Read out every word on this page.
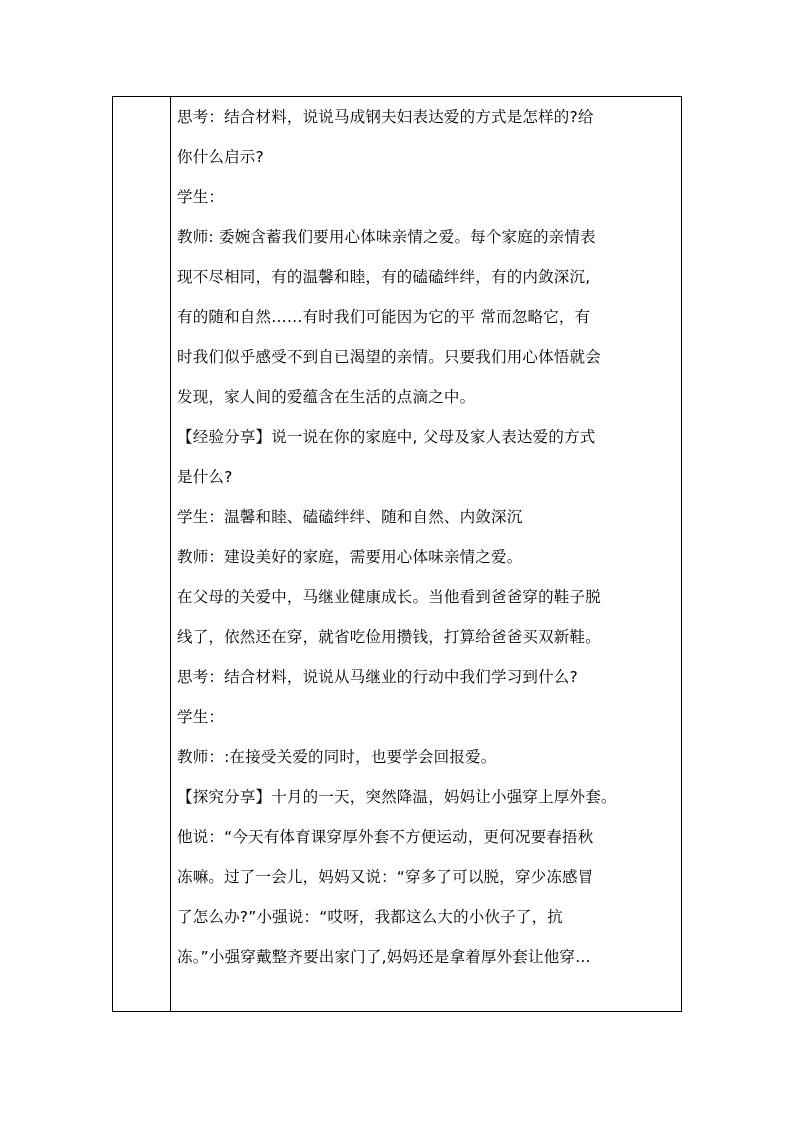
思考：结合材料，说说马成钢夫妇表达爱的方式是怎样的?给
你什么启示?
学生：
教师: 委婉含蓄我们要用心体味亲情之爱。每个家庭的亲情表
现不尽相同，有的温馨和睦，有的磕磕绊绊，有的内敛深沉,
有的随和自然……有时我们可能因为它的平 常而忽略它，有
时我们似乎感受不到自已渴望的亲情。只要我们用心体悟就会
发现，家人间的爱蕴含在生活的点滴之中。
【经验分享】说一说在你的家庭中, 父母及家人表达爱的方式
是什么?
学生：温馨和睦、磕磕绊绊、随和自然、内敛深沉
教师：建设美好的家庭，需要用心体味亲情之爱。
在父母的关爱中，马继业健康成长。当他看到爸爸穿的鞋子脱
线了，依然还在穿，就省吃俭用攒钱，打算给爸爸买双新鞋。
思考：结合材料，说说从马继业的行动中我们学习到什么?
学生：
教师：:在接受关爱的同时，也要学会回报爱。
【探究分享】十月的一天，突然降温，妈妈让小强穿上厚外套。
他说：“今天有体育课穿厚外套不方便运动，更何况要春捂秋
冻嘛。过了一会儿，妈妈又说：“穿多了可以脱，穿少冻感冒
了怎么办?”小强说：“哎呀，我都这么大的小伙子了，抗
冻。”小强穿戴整齐要出家门了,妈妈还是拿着厚外套让他穿…
